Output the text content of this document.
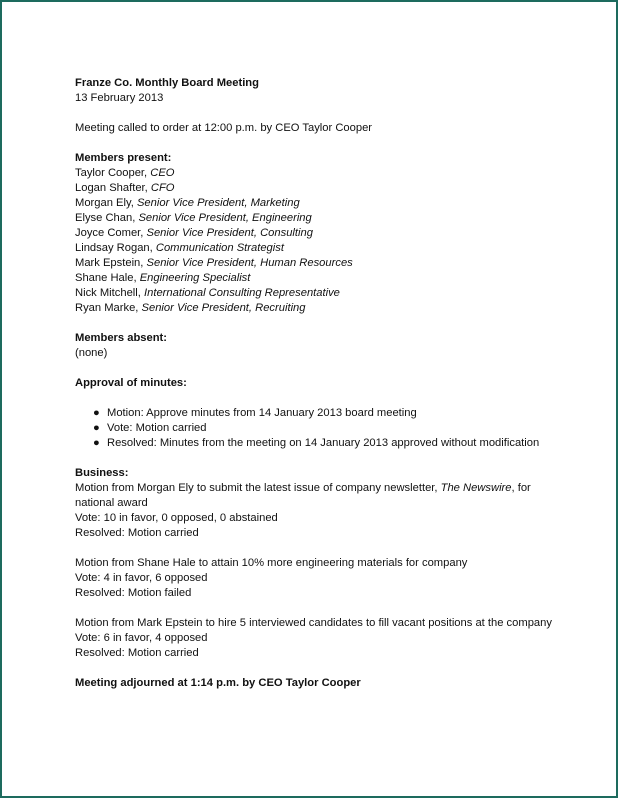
Franze Co. Monthly Board Meeting
13 February 2013
Meeting called to order at 12:00 p.m. by CEO Taylor Cooper
Members present:
Taylor Cooper, CEO
Logan Shafter, CFO
Morgan Ely, Senior Vice President, Marketing
Elyse Chan, Senior Vice President, Engineering
Joyce Comer, Senior Vice President, Consulting
Lindsay Rogan, Communication Strategist
Mark Epstein, Senior Vice President, Human Resources
Shane Hale, Engineering Specialist
Nick Mitchell, International Consulting Representative
Ryan Marke, Senior Vice President, Recruiting
Members absent:
(none)
Approval of minutes:
● Motion: Approve minutes from 14 January 2013 board meeting
● Vote: Motion carried
● Resolved: Minutes from the meeting on 14 January 2013 approved without modification
Business:
Motion from Morgan Ely to submit the latest issue of company newsletter, The Newswire, for
national award
Vote: 10 in favor, 0 opposed, 0 abstained
Resolved: Motion carried
Motion from Shane Hale to attain 10% more engineering materials for company
Vote: 4 in favor, 6 opposed
Resolved: Motion failed
Motion from Mark Epstein to hire 5 interviewed candidates to fill vacant positions at the company
Vote: 6 in favor, 4 opposed
Resolved: Motion carried
Meeting adjourned at 1:14 p.m. by CEO Taylor Cooper
